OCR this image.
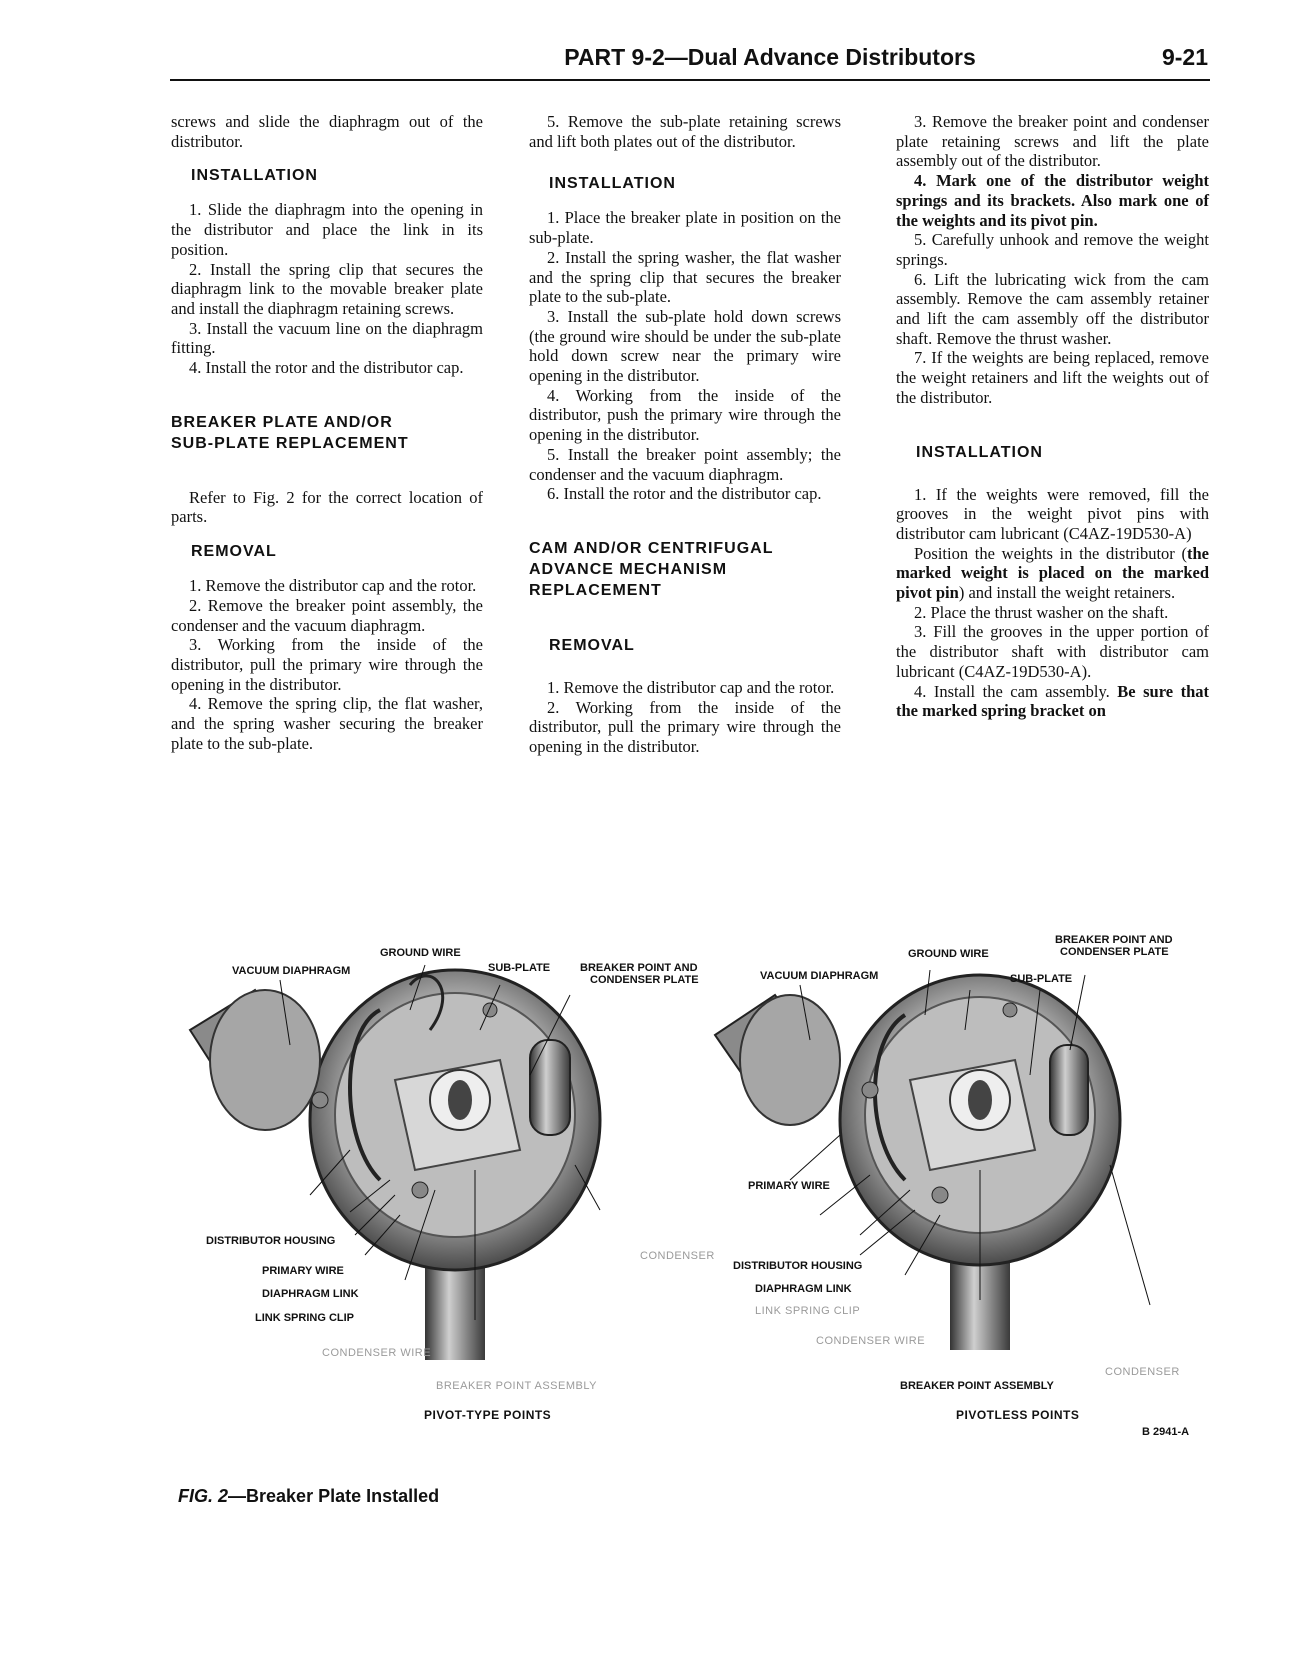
PART 9-2—Dual Advance Distributors	9-21

screws and slide the diaphragm out of the distributor.

INSTALLATION

1. Slide the diaphragm into the opening in the distributor and place the link in its position.

2. Install the spring clip that secures the diaphragm link to the movable breaker plate and install the diaphragm retaining screws.

3. Install the vacuum line on the diaphragm fitting.

4. Install the rotor and the distributor cap.

BREAKER PLATE AND/OR

SUB-PLATE REPLACEMENT

Refer to Fig. 2 for the correct location of parts.

REMOVAL

1. Remove the distributor cap and the rotor.

2. Remove the breaker point assembly, the condenser and the vacuum diaphragm.

3. Working from the inside of the distributor, pull the primary wire through the opening in the distributor.

4. Remove the spring clip, the flat washer, and the spring washer securing the breaker plate to the sub-plate.

5. Remove the sub-plate retaining screws and lift both plates out of the distributor.

INSTALLATION

1. Place the breaker plate in position on the sub-plate.

2. Install the spring washer, the flat washer and the spring clip that secures the breaker plate to the sub-plate.

3. Install the sub-plate hold down screws (the ground wire should be under the sub-plate hold down screw near the primary wire opening in the distributor.

4. Working from the inside of the distributor, push the primary wire through the opening in the distributor.

5. Install the breaker point assembly; the condenser and the vacuum diaphragm.

6. Install the rotor and the distributor cap.

CAM AND/OR CENTRIFUGAL

ADVANCE MECHANISM

REPLACEMENT

REMOVAL

1. Remove the distributor cap and the rotor.

2. Working from the inside of the distributor, pull the primary wire through the opening in the distributor.

3. Remove the breaker point and condenser plate retaining screws and lift the plate assembly out of the distributor.

4. Mark one of the distributor weight springs and its brackets. Also mark one of the weights and its pivot pin.

5. Carefully unhook and remove the weight springs.

6. Lift the lubricating wick from the cam assembly. Remove the cam assembly retainer and lift the cam assembly off the distributor shaft. Remove the thrust washer.

7. If the weights are being replaced, remove the weight retainers and lift the weights out of the distributor.

INSTALLATION

1. If the weights were removed, fill the grooves in the weight pivot pins with distributor cam lubricant (C4AZ-19D530-A)

Position the weights in the distributor (the marked weight is placed on the marked pivot pin) and install the weight retainers.

2. Place the thrust washer on the shaft.

3. Fill the grooves in the upper portion of the distributor shaft with distributor cam lubricant (C4AZ-19D530-A).

4. Install the cam assembly. Be sure that the marked spring bracket on

GROUND WIRE
VACUUM DIAPHRAGM	SUB-PLATE	BREAKER POINT AND
CONDENSER PLATE
DISTRIBUTOR HOUSING
PRIMARY WIRE
DIAPHRAGM LINK
LINK SPRING CLIP
CONDENSER WIRE
CONDENSER
BREAKER POINT ASSEMBLY
PIVOT-TYPE POINTS
GROUND WIRE
VACUUM DIAPHRAGM
BREAKER POINT AND
CONDENSER PLATE
SUB-PLATE
PRIMARY WIRE
DISTRIBUTOR HOUSING
DIAPHRAGM LINK
LINK SPRING CLIP
CONDENSER WIRE
BREAKER POINT ASSEMBLY
CONDENSER
PIVOTLESS POINTS
B 2941-A
FIG. 2—Breaker Plate Installed
